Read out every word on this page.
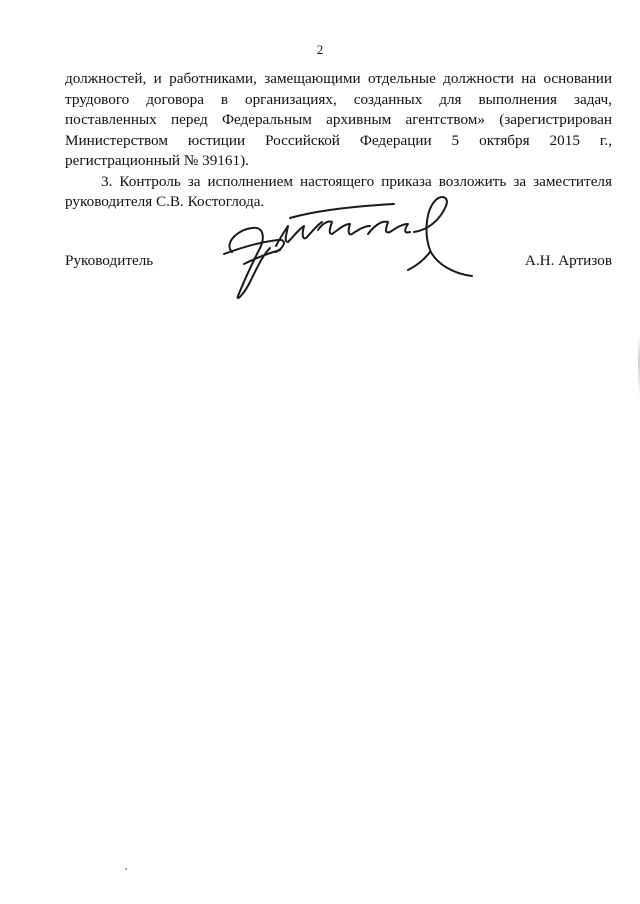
2

должностей, и работниками, замещающими отдельные должности на основании трудового договора в организациях, созданных для выполнения задач, поставленных перед Федеральным архивным агентством» (зарегистрирован Министерством юстиции Российской Федерации 5 октября 2015 г., регистрационный № 39161).

3. Контроль за исполнением настоящего приказа возложить за заместителя руководителя С.В. Костоглода.

Руководитель	А.Н. Артизов
